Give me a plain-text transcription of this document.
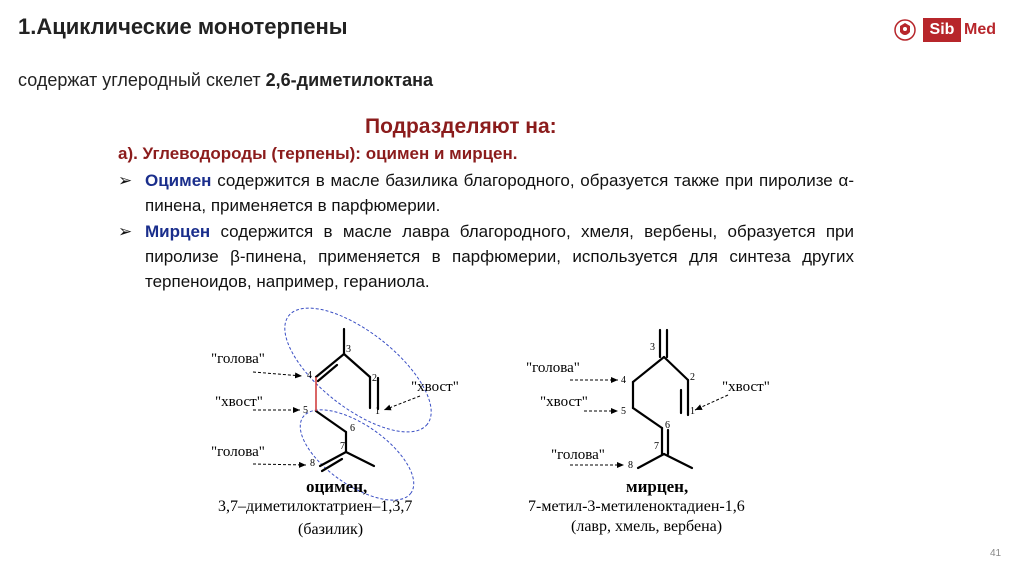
1.Ациклические монотерпены
содержат углеродный скелет 2,6-диметилоктана
Sib Med
Подразделяют на:
а). Углеводороды (терпены): оцимен и мирцен.
➢ Оцимен содержится в масле базилика благородного, образуется также при пиролизе α-пинена, применяется в парфюмерии.

➢ Мирцен содержится в масле лавра благородного, хмеля, вербены, образуется при пиролизе β-пинена, применяется в парфюмерии, используется для синтеза других терпеноидов, например, гераниола.

3
4	2
5	1
6
7
8
"голова"
"хвост"
"голова"
"хвост"
оцимен,
3,7–диметилоктатриен–1,3,7
(базилик)
3
4	2
5	1
6
7
8
"голова"
"хвост"
"голова"
"хвост"
мирцен,
7-метил-3-метиленоктадиен-1,6
(лавр, хмель, вербена)
41
